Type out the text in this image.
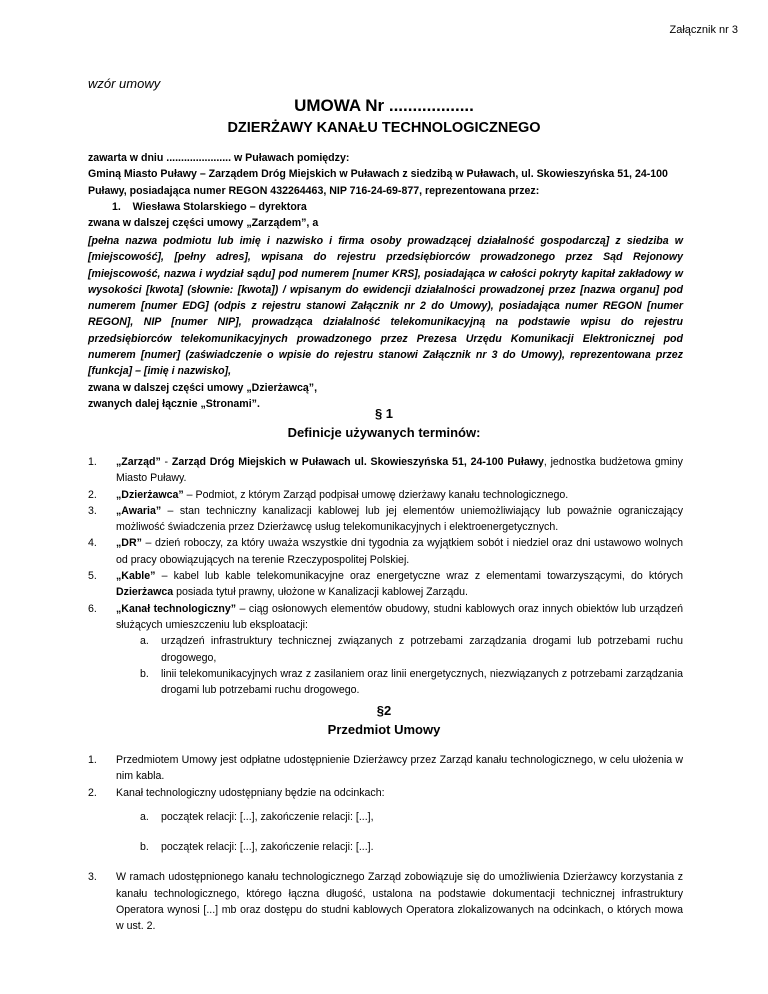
Załącznik nr 3
wzór umowy
UMOWA Nr ..................
DZIERŻAWY KANAŁU TECHNOLOGICZNEGO
zawarta w dniu ...................... w Puławach pomiędzy:
Gminą Miasto Puławy – Zarządem Dróg Miejskich w Puławach z siedzibą w Puławach, ul. Skowieszyńska 51, 24-100 Puławy, posiadająca numer REGON 432264463, NIP 716-24-69-877, reprezentowana przez:
1. Wiesława Stolarskiego – dyrektora
zwana w dalszej części umowy „Zarządem”, a
[pełna nazwa podmiotu lub imię i nazwisko i firma osoby prowadzącej działalność gospodarczą] z siedziba w [miejscowość], [pełny adres], wpisana do rejestru przedsiębiorców prowadzonego przez Sąd Rejonowy [miejscowość, nazwa i wydział sądu] pod numerem [numer KRS], posiadająca w całości pokryty kapitał zakładowy w wysokości [kwota] (słownie: [kwota]) / wpisanym do ewidencji działalności prowadzonej przez [nazwa organu] pod numerem [numer EDG] (odpis z rejestru stanowi Załącznik nr 2 do Umowy), posiadająca numer REGON [numer REGON], NIP [numer NIP], prowadząca działalność telekomunikacyjną na podstawie wpisu do rejestru przedsiębiorców telekomunikacyjnych prowadzonego przez Prezesa Urzędu Komunikacji Elektronicznej pod numerem [numer] (zaświadczenie o wpisie do rejestru stanowi Załącznik nr 3 do Umowy), reprezentowana przez [funkcja] – [imię i nazwisko],
zwana w dalszej części umowy „Dzierżawcą”,
zwanych dalej łącznie „Stronami”.
§ 1
Definicje używanych terminów:
1. „Zarząd” - Zarząd Dróg Miejskich w Puławach ul. Skowieszyńska 51, 24-100 Puławy, jednostka budżetowa gminy Miasto Puławy.
2. „Dzierżawca” – Podmiot, z którym Zarząd podpisał umowę dzierżawy kanału technologicznego.
3. „Awaria” – stan techniczny kanalizacji kablowej lub jej elementów uniemożliwiający lub poważnie ograniczający możliwość świadczenia przez Dzierżawcę usług telekomunikacyjnych i elektroenergetycznych.
4. „DR” – dzień roboczy, za który uważa wszystkie dni tygodnia za wyjątkiem sobót i niedziel oraz dni ustawowo wolnych od pracy obowiązujących na terenie Rzeczypospolitej Polskiej.
5. „Kable” – kabel lub kable telekomunikacyjne oraz energetyczne wraz z elementami towarzyszącymi, do których Dzierżawca posiada tytuł prawny, ułożone w Kanalizacji kablowej Zarządu.
6. „Kanał technologiczny” – ciąg osłonowych elementów obudowy, studni kablowych oraz innych obiektów lub urządzeń służących umieszczeniu lub eksploatacji:
a. urządzeń infrastruktury technicznej związanych z potrzebami zarządzania drogami lub potrzebami ruchu drogowego,
b. linii telekomunikacyjnych wraz z zasilaniem oraz linii energetycznych, niezwiązanych z potrzebami zarządzania drogami lub potrzebami ruchu drogowego.
§2
Przedmiot Umowy
1. Przedmiotem Umowy jest odpłatne udostępnienie Dzierżawcy przez Zarząd kanału technologicznego, w celu ułożenia w nim kabla.
2. Kanał technologiczny udostępniany będzie na odcinkach:
a. początek relacji: [...], zakończenie relacji: [...],
b. początek relacji: [...], zakończenie relacji: [...].
3. W ramach udostępnionego kanału technologicznego Zarząd zobowiązuje się do umożliwienia Dzierżawcy korzystania z kanału technologicznego, którego łączna długość, ustalona na podstawie dokumentacji technicznej infrastruktury Operatora wynosi [...] mb oraz dostępu do studni kablowych Operatora zlokalizowanych na odcinkach, o których mowa w ust. 2.
